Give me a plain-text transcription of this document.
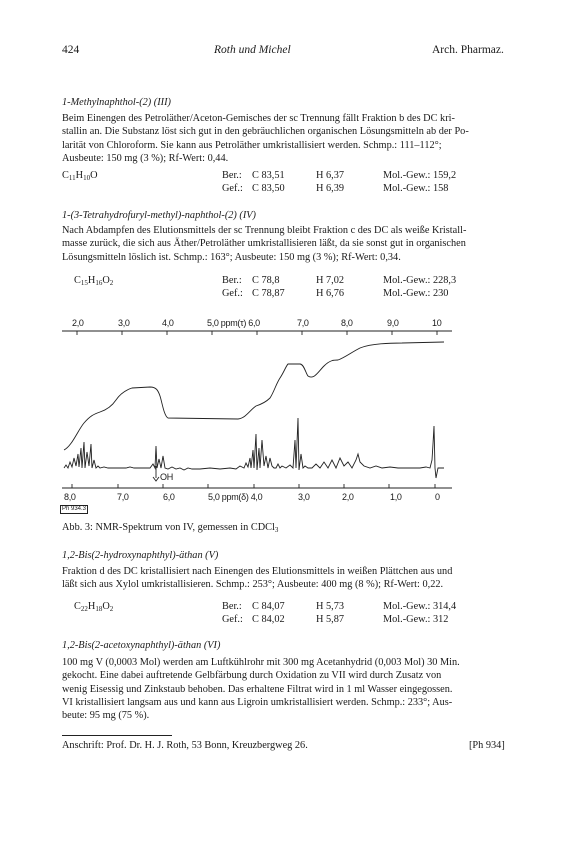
424	Roth und Michel	Arch. Pharmaz.
1-Methylnaphthol-(2) (III)
Beim Einengen des Petroläther/Aceton-Gemisches der sc Trennung fällt Fraktion b des DC kri-
stallin an. Die Substanz löst sich gut in den gebräuchlichen organischen Lösungsmitteln ab der Po-
larität von Chloroform. Sie kann aus Petroläther umkristallisiert werden. Schmp.: 111–112°;
Ausbeute: 150 mg (3 %); Rf-Wert: 0,44.
$C_{11}H_{10}O$	Ber.: C 83,51	H 6,37	Mol.-Gew.: 159,2
Gef.: C 83,50	H 6,39	Mol.-Gew.: 158
1-(3-Tetrahydrofuryl-methyl)-naphthol-(2) (IV)
Nach Abdampfen des Elutionsmittels der sc Trennung bleibt Fraktion c des DC als weiße Kristall-
masse zurück, die sich aus Äther/Petroläther umkristallisieren läßt, da sie sonst gut in organischen
Lösungsmitteln löslich ist. Schmp.: 163°; Ausbeute: 150 mg (3 %); Rf-Wert: 0,34.
$C_{15}H_{16}O_2$	Ber.: C 78,8	H 7,02	Mol.-Gew.: 228,3
Gef.: C 78,87	H 6,76	Mol.-Gew.: 230
2,0	3,0	4,0	5,0 ppm(τ) 6,0	7,0	8,0	9,0	10
OH
8,0	7,0	6,0	5,0 ppm(δ) 4,0	3,0	2,0	1,0	0
Ph 934.3
Abb. 3: NMR-Spektrum von IV, gemessen in CDCl$_3$
1,2-Bis(2-hydroxynaphthyl)-äthan (V)
Fraktion d des DC kristallisiert nach Einengen des Elutionsmittels in weißen Plättchen aus und
läßt sich aus Xylol umkristallisieren. Schmp.: 253°; Ausbeute: 400 mg (8 %); Rf-Wert: 0,22.
$C_{22}H_{18}O_2$	Ber.: C 84,07	H 5,73	Mol.-Gew.: 314,4
Gef.: C 84,02	H 5,87	Mol.-Gew.: 312
1,2-Bis(2-acetoxynaphthyl)-äthan (VI)
100 mg V (0,0003 Mol) werden am Luftkühlrohr mit 300 mg Acetanhydrid (0,003 Mol) 30 Min.
gekocht. Eine dabei auftretende Gelbfärbung durch Oxidation zu VII wird durch Zusatz von
wenig Eisessig und Zinkstaub behoben. Das erhaltene Filtrat wird in 1 ml Wasser eingegossen.
VI kristallisiert langsam aus und kann aus Ligroin umkristallisiert werden. Schmp.: 233°; Aus-
beute: 95 mg (75 %).
Anschrift: Prof. Dr. H. J. Roth, 53 Bonn, Kreuzbergweg 26.	[Ph 934]
